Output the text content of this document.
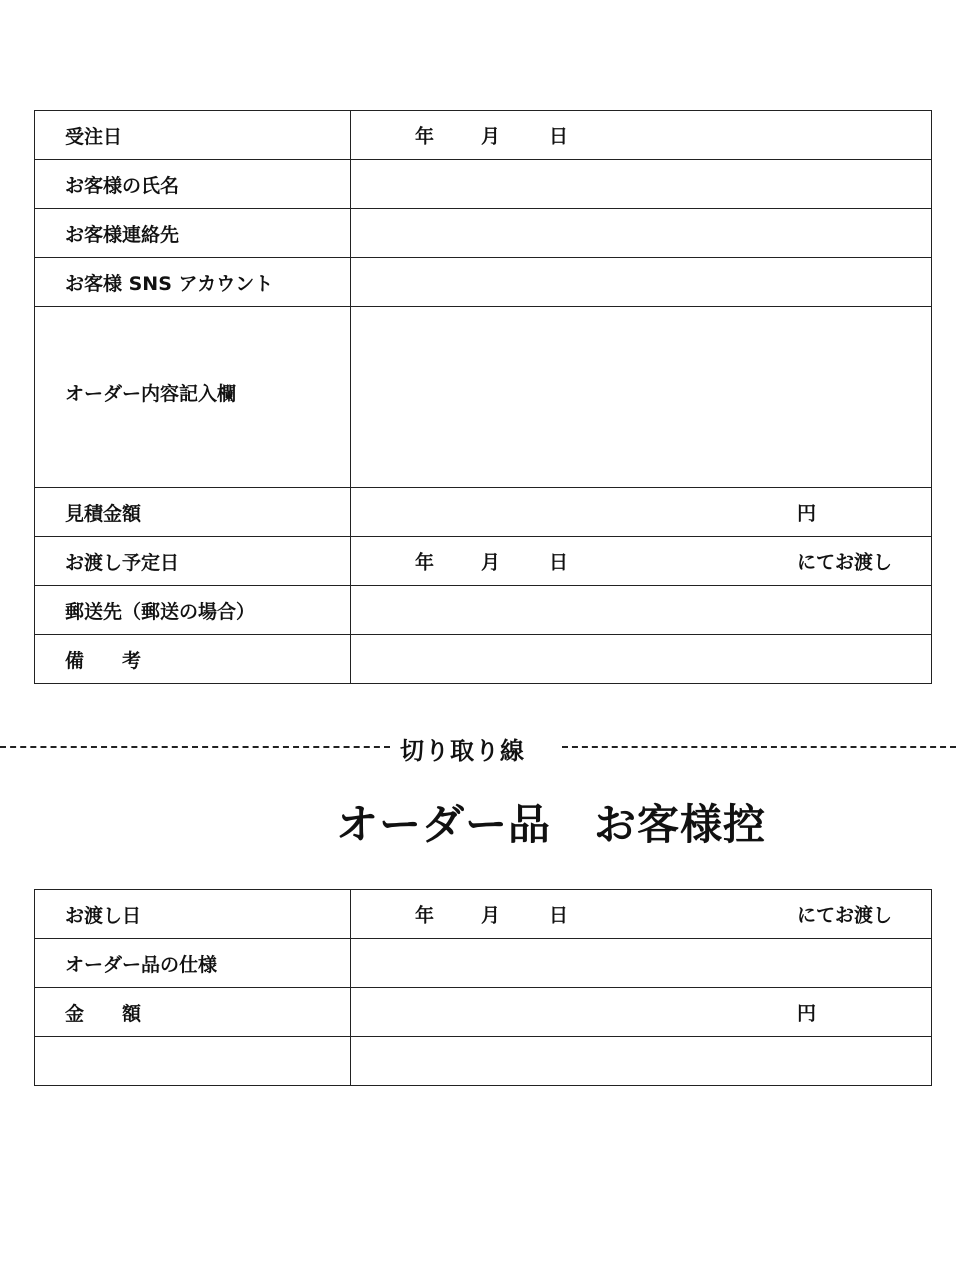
受注日	年 月 日

お客様の氏名	
お客様連絡先	
お客様 SNS アカウント	
オーダー内容記入欄	
見積金額	円

お渡し予定日	年 月 日 にてお渡し

郵送先（郵送の場合）	
備　　考	
切り取り線
オーダー品　お客様控
お渡し日	年 月 日 にてお渡し

オーダー品の仕様	
金　　額	円
